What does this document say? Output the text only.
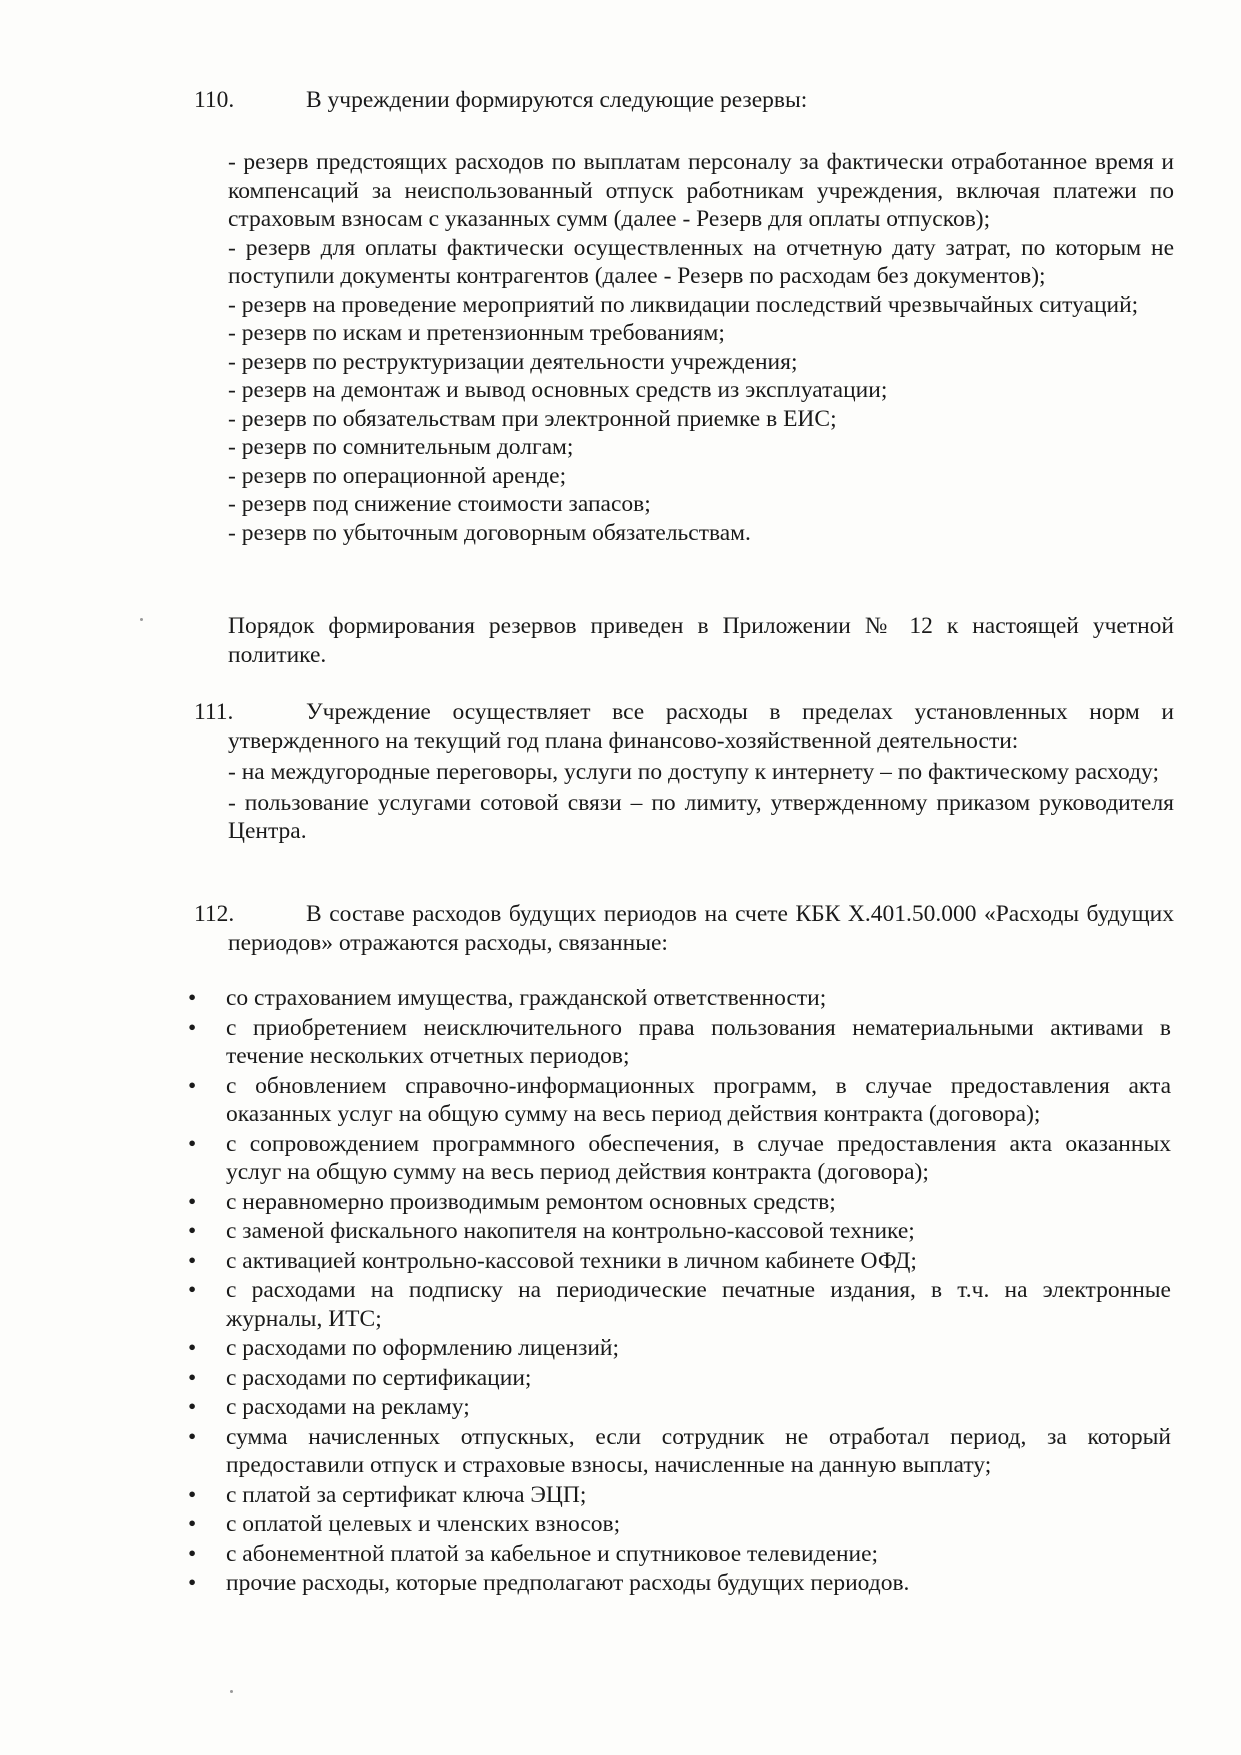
110.	В учреждении формируются следующие резервы:
- резерв предстоящих расходов по выплатам персоналу за фактически отработанное время и компенсаций за неиспользованный отпуск работникам учреждения, включая платежи по страховым взносам с указанных сумм (далее - Резерв для оплаты отпусков);
- резерв для оплаты фактически осуществленных на отчетную дату затрат, по которым не поступили документы контрагентов (далее - Резерв по расходам без документов);
- резерв на проведение мероприятий по ликвидации последствий чрезвычайных ситуаций;
- резерв по искам и претензионным требованиям;
- резерв по реструктуризации деятельности учреждения;
- резерв на демонтаж и вывод основных средств из эксплуатации;
- резерв по обязательствам при электронной приемке в ЕИС;
- резерв по сомнительным долгам;
- резерв по операционной аренде;
- резерв под снижение стоимости запасов;
- резерв по убыточным договорным обязательствам.
Порядок формирования резервов приведен в Приложении № 12 к настоящей учетной политике.
111.	Учреждение осуществляет все расходы в пределах установленных норм и утвержденного на текущий год плана финансово-хозяйственной деятельности:
- на междугородные переговоры, услуги по доступу к интернету – по фактическому расходу;
- пользование услугами сотовой связи – по лимиту, утвержденному приказом руководителя Центра.
112.	В составе расходов будущих периодов на счете КБК Х.401.50.000 «Расходы будущих периодов» отражаются расходы, связанные:
• со страхованием имущества, гражданской ответственности;
• с приобретением неисключительного права пользования нематериальными активами в течение нескольких отчетных периодов;
• с обновлением справочно-информационных программ, в случае предоставления акта оказанных услуг на общую сумму на весь период действия контракта (договора);
• с сопровождением программного обеспечения, в случае предоставления акта оказанных услуг на общую сумму на весь период действия контракта (договора);
• с неравномерно производимым ремонтом основных средств;
• с заменой фискального накопителя на контрольно-кассовой технике;
• с активацией контрольно-кассовой техники в личном кабинете ОФД;
• с расходами на подписку на периодические печатные издания, в т.ч. на электронные журналы, ИТС;
• с расходами по оформлению лицензий;
• с расходами по сертификации;
• с расходами на рекламу;
• сумма начисленных отпускных, если сотрудник не отработал период, за который предоставили отпуск и страховые взносы, начисленные на данную выплату;
• с платой за сертификат ключа ЭЦП;
• с оплатой целевых и членских взносов;
• с абонементной платой за кабельное и спутниковое телевидение;
• прочие расходы, которые предполагают расходы будущих периодов.
